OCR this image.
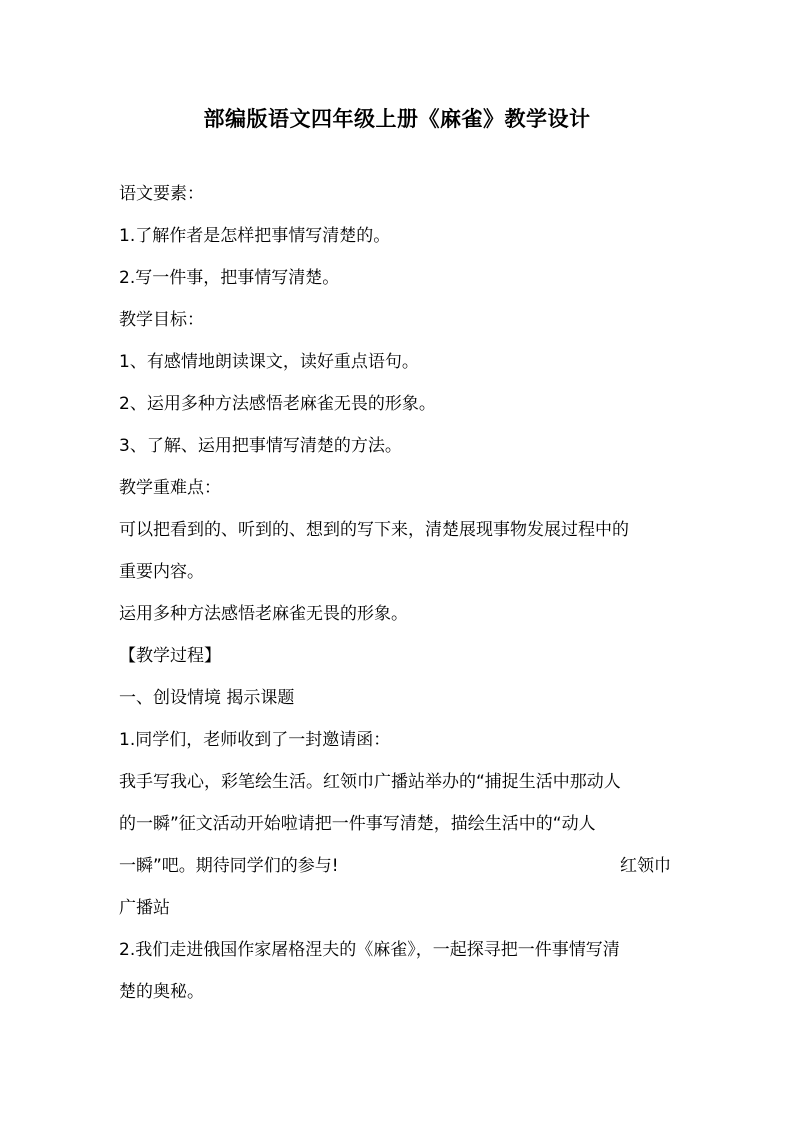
部编版语文四年级上册《麻雀》教学设计
语文要素：
1.了解作者是怎样把事情写清楚的。
2.写一件事，把事情写清楚。
教学目标：
1、有感情地朗读课文，读好重点语句。
2、运用多种方法感悟老麻雀无畏的形象。
3、了解、运用把事情写清楚的方法。
教学重难点：
可以把看到的、听到的、想到的写下来，清楚展现事物发展过程中的
重要内容。
运用多种方法感悟老麻雀无畏的形象。
【教学过程】
一、创设情境 揭示课题
1.同学们，老师收到了一封邀请函：
我手写我心，彩笔绘生活。红领巾广播站举办的“捕捉生活中那动人
的一瞬”征文活动开始啦请把一件事写清楚，描绘生活中的“动人
一瞬”吧。期待同学们的参与!	红领巾
广播站
2.我们走进俄国作家屠格涅夫的《麻雀》，一起探寻把一件事情写清
楚的奥秘。
